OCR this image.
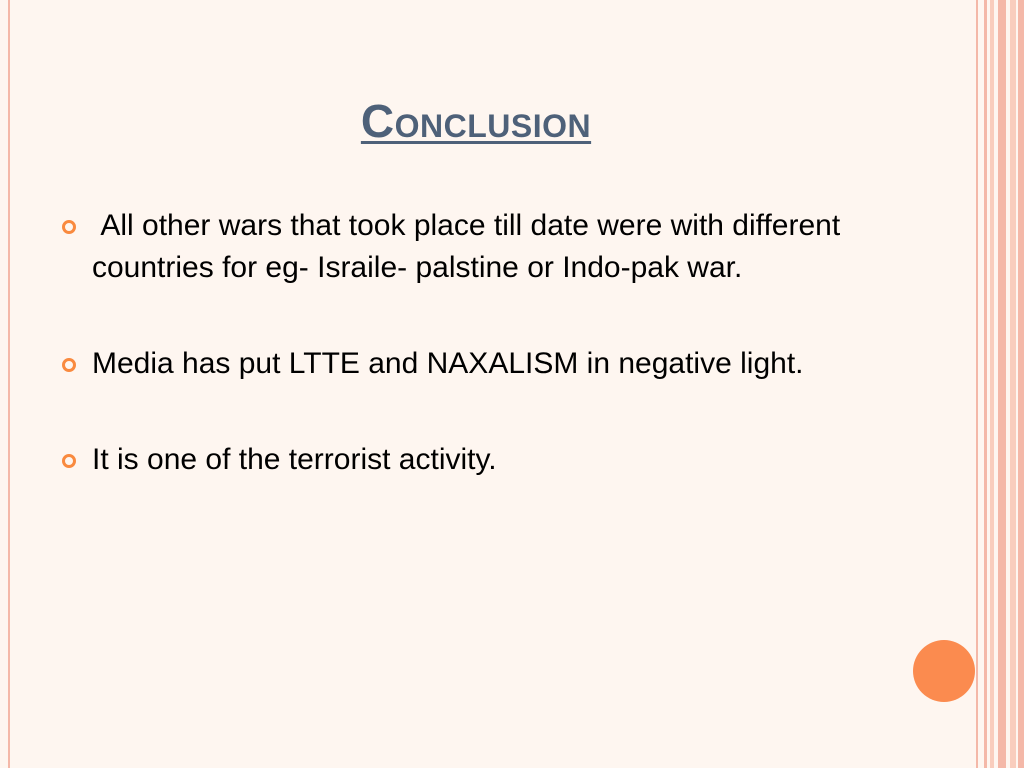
Conclusion
All other wars that took place till date were with different countries for eg- Israile- palstine or Indo-pak war.
Media has put LTTE and NAXALISM in negative light.
It is one of the terrorist activity.
